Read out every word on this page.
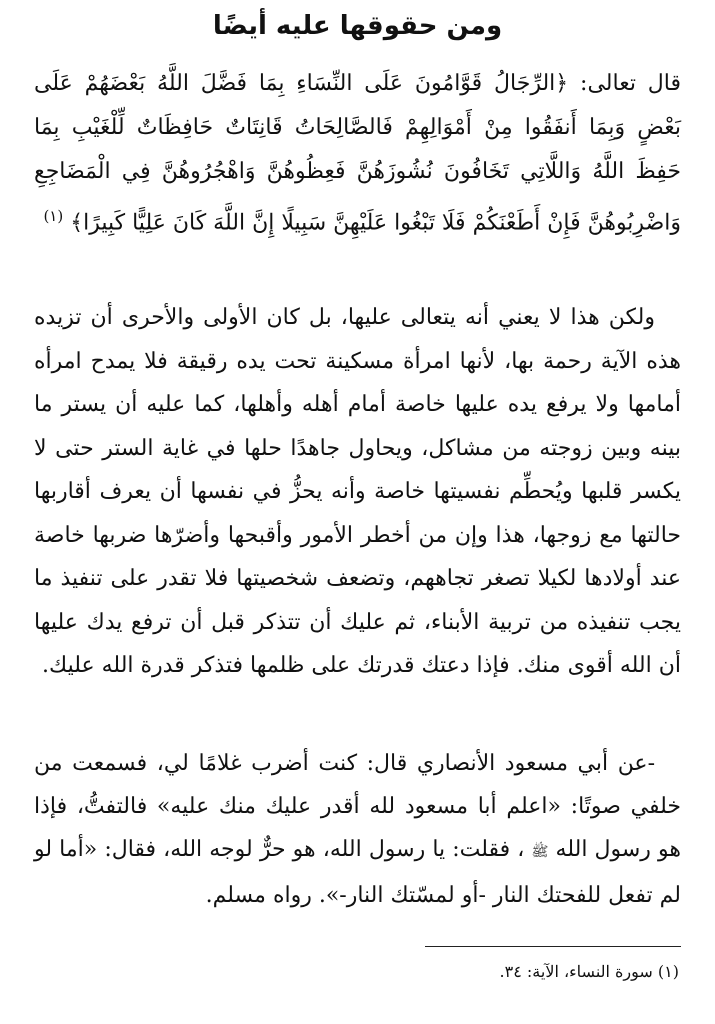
ومن حقوقها عليه أيضًا

قال تعالى: ﴿الرِّجَالُ قَوَّامُونَ عَلَى النِّسَاءِ بِمَا فَضَّلَ اللَّهُ بَعْضَهُمْ عَلَى بَعْضٍ وَبِمَا أَنفَقُوا مِنْ أَمْوَالِهِمْ فَالصَّالِحَاتُ قَانِتَاتٌ حَافِظَاتٌ لِّلْغَيْبِ بِمَا حَفِظَ اللَّهُ وَاللَّاتِي تَخَافُونَ نُشُوزَهُنَّ فَعِظُوهُنَّ وَاهْجُرُوهُنَّ فِي الْمَضَاجِعِ وَاضْرِبُوهُنَّ فَإِنْ أَطَعْنَكُمْ فَلَا تَبْغُوا عَلَيْهِنَّ سَبِيلًا إِنَّ اللَّهَ كَانَ عَلِيًّا كَبِيرًا﴾ $^{(١)}$

ولكن هذا لا يعني أنه يتعالى عليها، بل كان الأولى والأحرى أن تزيده هذه الآية رحمة بها، لأنها امرأة مسكينة تحت يده رقيقة فلا يمدح امرأه أمامها ولا يرفع يده عليها خاصة أمام أهله وأهلها، كما عليه أن يستر ما بينه وبين زوجته من مشاكل، ويحاول جاهدًا حلها في غاية الستر حتى لا يكسر قلبها ويُحطِّم نفسيتها خاصة وأنه يحزُّ في نفسها أن يعرف أقاربها حالتها مع زوجها، هذا وإن من أخطر الأمور وأقبحها وأضرّها ضربها خاصة عند أولادها لكيلا تصغر تجاههم، وتضعف شخصيتها فلا تقدر على تنفيذ ما يجب تنفيذه من تربية الأبناء، ثم عليك أن تتذكر قبل أن ترفع يدك عليها أن الله أقوى منك. فإذا دعتك قدرتك على ظلمها فتذكر قدرة الله عليك.

-عن أبي مسعود الأنصاري قال: كنت أضرب غلامًا لي، فسمعت من خلفي صوتًا: «اعلم أبا مسعود لله أقدر عليك منك عليه» فالتفتُّ، فإذا هو رسول الله ﷺ ، فقلت: يا رسول الله، هو حرٌّ لوجه الله، فقال: «أما لو لم تفعل للفحتك النار -أو لمسّتك النار-». رواه مسلم.

(١) سورة النساء، الآية: ٣٤.
